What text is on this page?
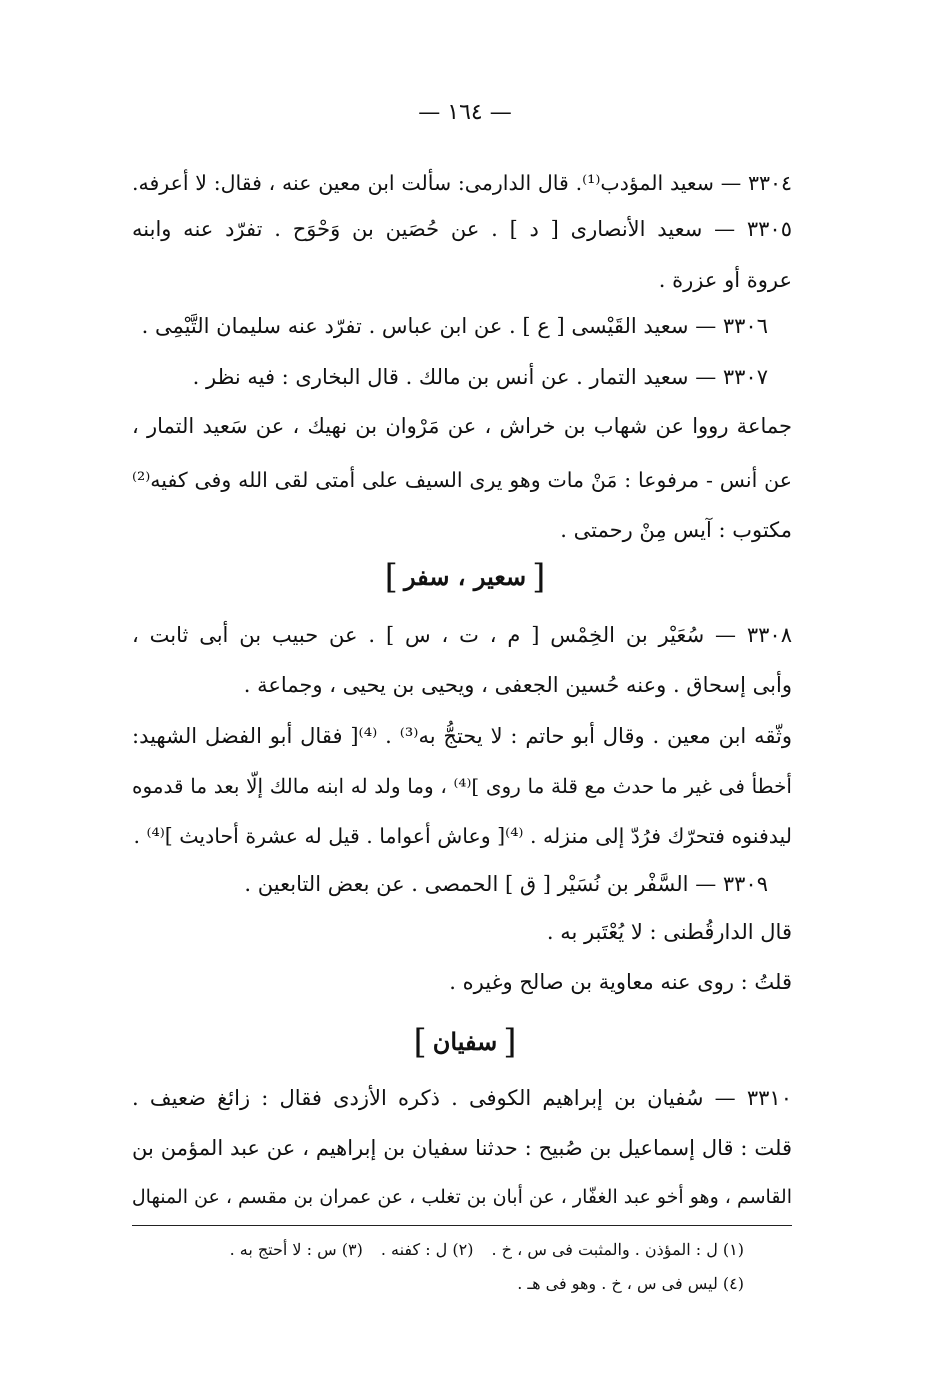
— ١٦٤ —
٣٣٠٤ — سعيد المؤدب⁽¹⁾. قال الدارمى: سألت ابن معين عنه ، فقال: لا أعرفه.
٣٣٠٥ — سعيد الأنصارى [ د ] . عن حُصَين بن وَحْوَح . تفرّد عنه وابنه
عروة أو عزرة .
٣٣٠٦ — سعيد القَيْسى [ ع ] . عن ابن عباس . تفرّد عنه سليمان التَّيْمِى .
٣٣٠٧ — سعيد التمار . عن أنس بن مالك . قال البخارى : فيه نظر .
جماعة رووا عن شهاب بن خراش ، عن مَرْوان بن نهيك ، عن سَعيد التمار ،
عن أنس - مرفوعا : مَنْ مات وهو يرى السيف على أمتى لقى الله وفى كفيه⁽²⁾
مكتوب : آيس مِنْ رحمتى .
[سعير ، سفر]
٣٣٠٨ — سُعَيْر بن الخِمْس [ م ، ت ، س ] . عن حبيب بن أبى ثابت ،
وأبى إسحاق . وعنه حُسين الجعفى ، ويحيى بن يحيى ، وجماعة .
وثّقه ابن معين . وقال أبو حاتم : لا يحتجُّ به⁽³⁾ . ⁽⁴⁾[ فقال أبو الفضل الشهيد:
أخطأ فى غير ما حدث مع قلة ما روى ]⁽⁴⁾ ، وما ولد له ابنه مالك إلّا بعد ما قدموه
ليدفنوه فتحرّك فرُدّ إلى منزله . ⁽⁴⁾[ وعاش أعواما . قيل له عشرة أحاديث ]⁽⁴⁾ .
٣٣٠٩ — السَّفْر بن نُسَيْر [ ق ] الحمصى . عن بعض التابعين .
قال الدارقُطنى : لا يُعْتَبر به .
قلتُ : روى عنه معاوية بن صالح وغيره .
[سفيان]
٣٣١٠ — سُفيان بن إبراهيم الكوفى . ذكره الأزدى فقال : زائغ ضعيف .
قلت : قال إسماعيل بن صُبيح : حدثنا سفيان بن إبراهيم ، عن عبد المؤمن بن
القاسم ، وهو أخو عبد الغفّار ، عن أبان بن تغلب ، عن عمران بن مقسم ، عن المنهال
(١) ل : المؤذن . والمثبت فى س ، خ .(٢) ل : كفنه .(٣) س : لا أحتج به .
(٤) ليس فى س ، خ . وهو فى هـ .
